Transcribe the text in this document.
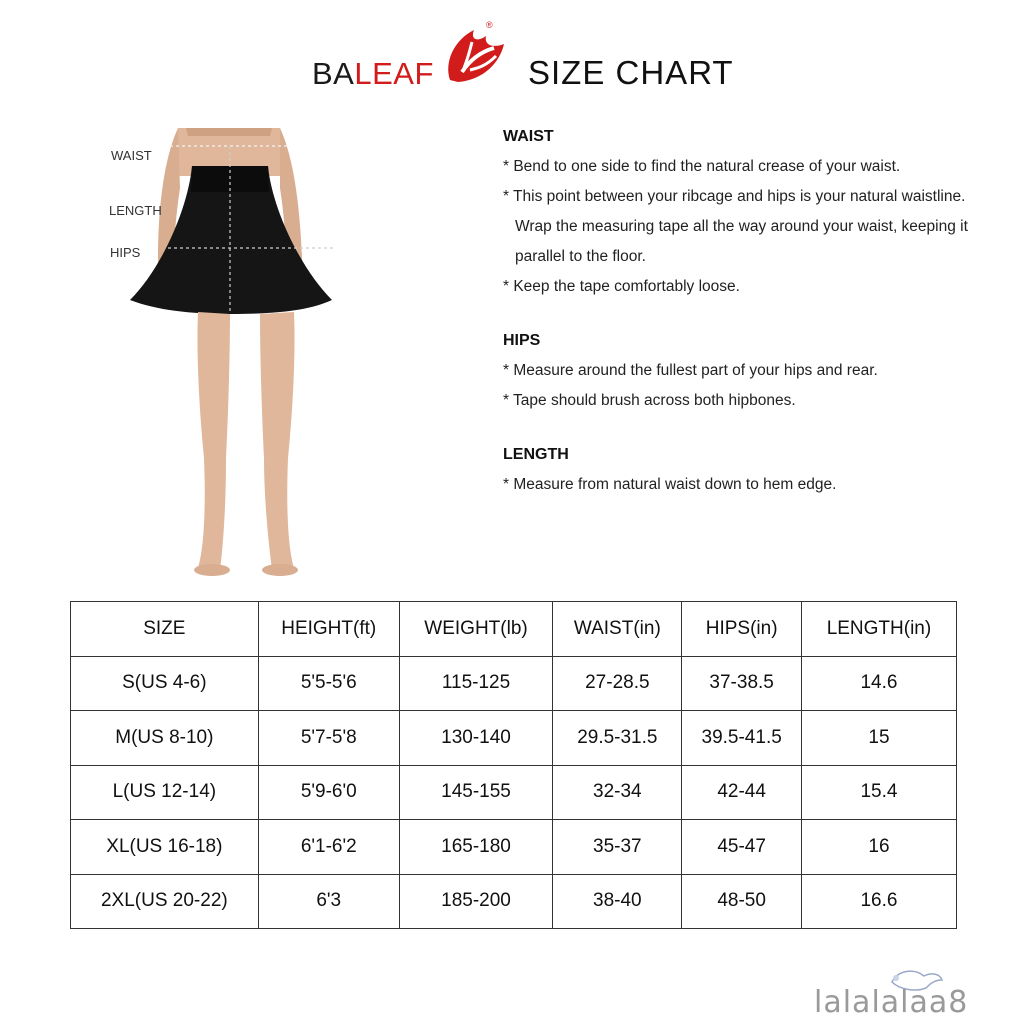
BALEAF
®
SIZE CHART
WAIST
LENGTH
HIPS
WAIST
* Bend to one side to find the natural crease of your waist.
* This point between your ribcage and hips is your natural waistline. Wrap the measuring tape all the way around your waist, keeping it parallel to the floor.
* Keep the tape comfortably loose.
HIPS
* Measure around the fullest part of your hips and rear.
* Tape should brush across both hipbones.
LENGTH
* Measure from natural waist down to hem edge.
SIZE	HEIGHT(ft)	WEIGHT(lb)	WAIST(in)	HIPS(in)	LENGTH(in)
S(US 4-6)	5'5-5'6	115-125	27-28.5	37-38.5	14.6
M(US 8-10)	5'7-5'8	130-140	29.5-31.5	39.5-41.5	15
L(US 12-14)	5'9-6'0	145-155	32-34	42-44	15.4
XL(US 16-18)	6'1-6'2	165-180	35-37	45-47	16
2XL(US 20-22)	6'3	185-200	38-40	48-50	16.6
lalalalaa8
